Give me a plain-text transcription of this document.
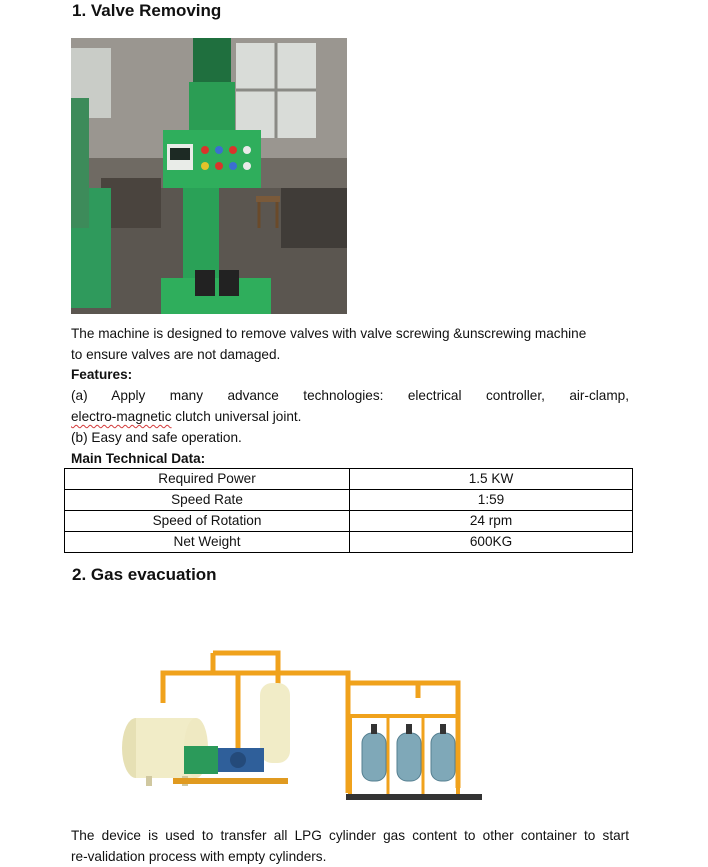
1. Valve Removing

The machine is designed to remove valves with valve screwing &unscrewing machine

to ensure valves are not damaged.

Features:

(a) Apply many advance technologies: electrical controller, air-clamp,

electro-magnetic clutch universal joint.

(b) Easy and safe operation.

Main Technical Data:

Required Power	1.5 KW
Speed Rate	1:59
Speed of Rotation	24 rpm
Net Weight	600KG
2. Gas evacuation

The device is used to transfer all LPG cylinder gas content to other container to start

re-validation process with empty cylinders.
